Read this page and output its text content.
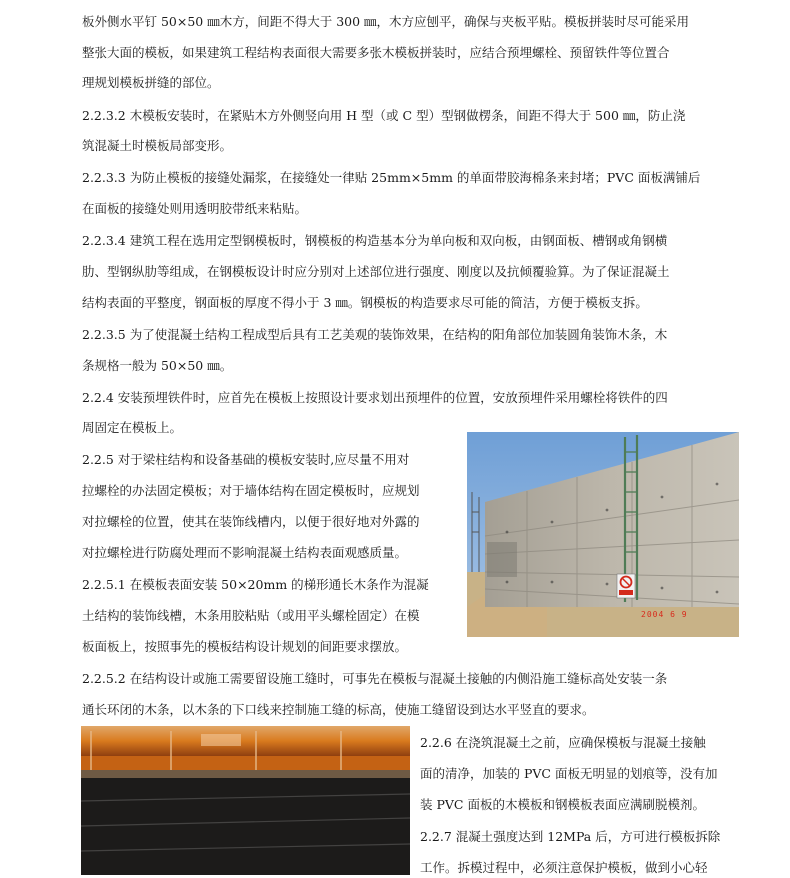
板外侧水平钉 50×50 ㎜木方，间距不得大于 300 ㎜，木方应刨平，确保与夹板平贴。模板拼装时尽可能采用
整张大面的模板，如果建筑工程结构表面很大需要多张木模板拼装时，应结合预埋螺栓、预留铁件等位置合
理规划模板拼缝的部位。
2.2.3.2 木模板安装时，在紧贴木方外侧竖向用 H 型（或 C 型）型钢做楞条，间距不得大于 500 ㎜，防止浇
筑混凝土时模板局部变形。
2.2.3.3 为防止模板的接缝处漏浆，在接缝处一律贴 25mm×5mm 的单面带胶海棉条来封堵；PVC 面板满铺后
在面板的接缝处则用透明胶带纸来粘贴。
2.2.3.4 建筑工程在选用定型钢模板时，钢模板的构造基本分为单向板和双向板，由钢面板、槽钢或角钢横
肋、型钢纵肋等组成，在钢模板设计时应分别对上述部位进行强度、刚度以及抗倾覆验算。为了保证混凝土
结构表面的平整度，钢面板的厚度不得小于 3 ㎜。钢模板的构造要求尽可能的简洁，方便于模板支拆。
2.2.3.5 为了使混凝土结构工程成型后具有工艺美观的装饰效果，在结构的阳角部位加装圆角装饰木条，木
条规格一般为 50×50 ㎜。
2.2.4 安装预埋铁件时，应首先在模板上按照设计要求划出预埋件的位置，安放预埋件采用螺栓将铁件的四
周固定在模板上。
2.2.5 对于梁柱结构和设备基础的模板安装时,应尽量不用对
拉螺栓的办法固定模板；对于墙体结构在固定模板时，应规划
对拉螺栓的位置，使其在装饰线槽内，以便于很好地对外露的
对拉螺栓进行防腐处理而不影响混凝土结构表面观感质量。
2.2.5.1 在模板表面安装 50×20mm 的梯形通长木条作为混凝
土结构的装饰线槽，木条用胶粘贴（或用平头螺栓固定）在模
板面板上，按照事先的模板结构设计规划的间距要求摆放。
2.2.5.2 在结构设计或施工需要留设施工缝时，可事先在模板与混凝土接触的内侧沿施工缝标高处安装一条
通长环闭的木条，以木条的下口线来控制施工缝的标高，使施工缝留设到达水平竖直的要求。
2.2.6 在浇筑混凝土之前，应确保模板与混凝土接触
面的清净，加装的 PVC 面板无明显的划痕等，没有加
装 PVC 面板的木模板和钢模板表面应满刷脱模剂。
2.2.7 混凝土强度达到 12MPa 后，方可进行模板拆除
工作。拆模过程中，必须注意保护模板，做到小心轻
2004 6 9
